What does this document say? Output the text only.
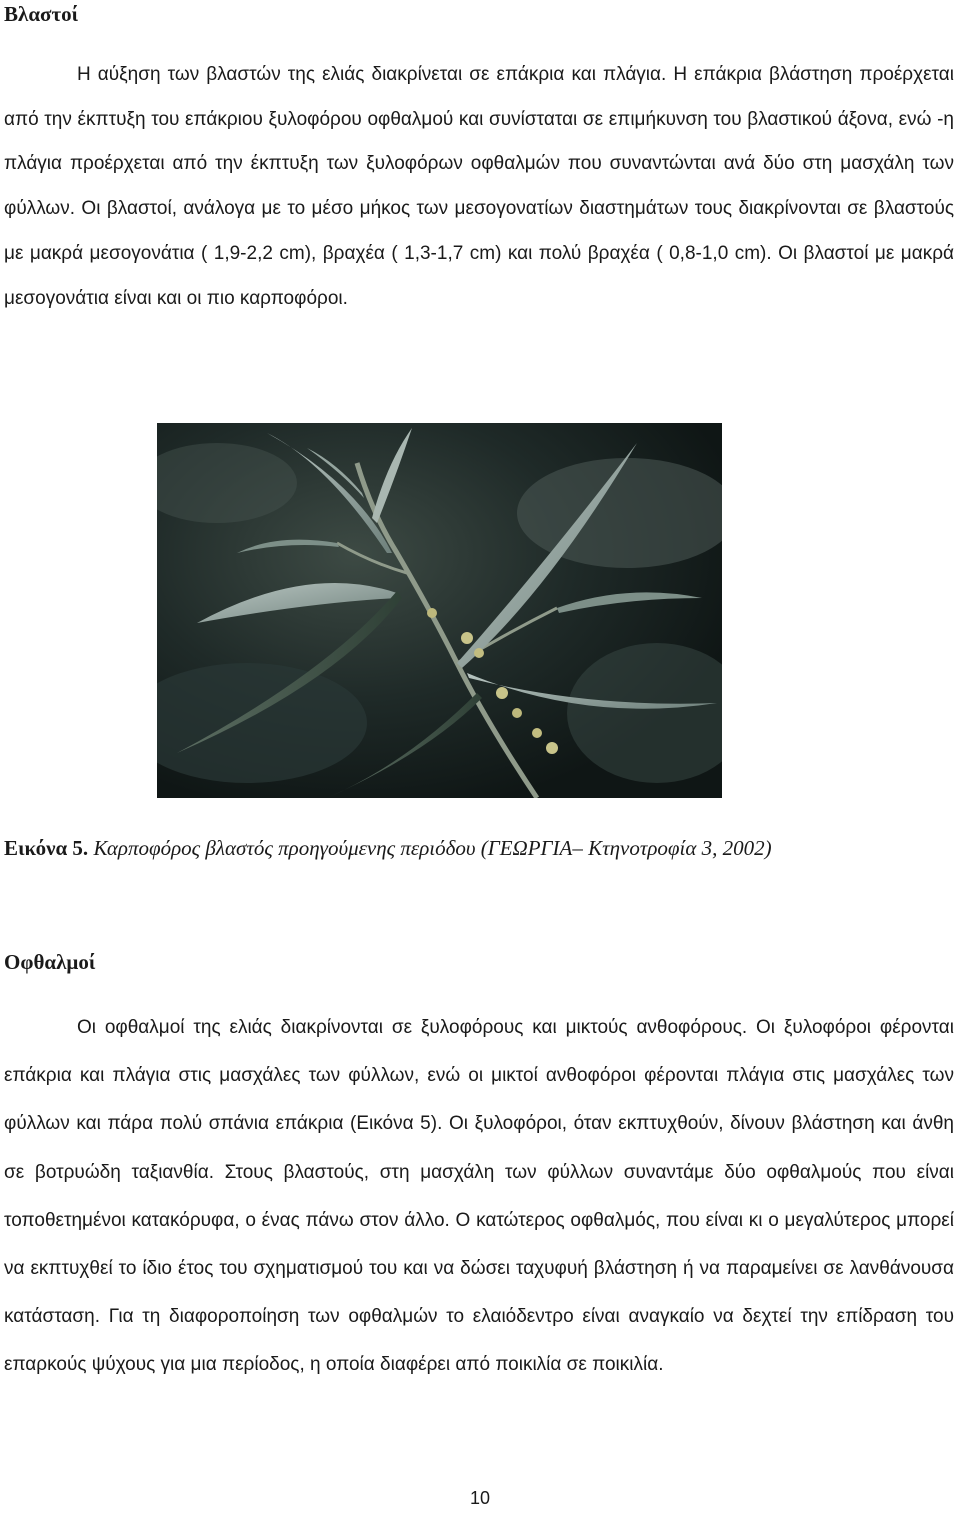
Βλαστοί

Η αύξηση των βλαστών της ελιάς διακρίνεται σε επάκρια και πλάγια. Η επάκρια βλάστηση προέρχεται από την έκπτυξη του επάκριου ξυλοφόρου οφθαλμού και συνίσταται σε επιμήκυνση του βλαστικού άξονα, ενώ -η πλάγια προέρχεται από την έκπτυξη των ξυλοφόρων οφθαλμών που συναντώνται ανά δύο στη μασχάλη των φύλλων. Οι βλαστοί, ανάλογα με το μέσο μήκος των μεσογονατίων διαστημάτων τους διακρίνονται σε βλαστούς με μακρά μεσογονάτια ( 1,9-2,2 cm), βραχέα ( 1,3-1,7 cm) και πολύ βραχέα ( 0,8-1,0 cm). Οι βλαστοί με μακρά μεσογονάτια είναι και οι πιο καρποφόροι.

Εικόνα 5. Καρποφόρος βλαστός προηγούμενης περιόδου (ΓΕΩΡΓΙΑ– Κτηνοτροφία 3, 2002)

Οφθαλμοί

Οι οφθαλμοί της ελιάς διακρίνονται σε ξυλοφόρους και μικτούς ανθοφόρους. Οι ξυλοφόροι φέρονται επάκρια και πλάγια στις μασχάλες των φύλλων, ενώ οι μικτοί ανθοφόροι φέρονται πλάγια στις μασχάλες των φύλλων και πάρα πολύ σπάνια επάκρια (Εικόνα 5). Οι ξυλοφόροι, όταν εκπτυχθούν, δίνουν βλάστηση και άνθη σε βοτρυώδη ταξιανθία. Στους βλαστούς, στη μασχάλη των φύλλων συναντάμε δύο οφθαλμούς που είναι τοποθετημένοι κατακόρυφα, ο ένας πάνω στον άλλο. Ο κατώτερος οφθαλμός, που είναι κι ο μεγαλύτερος μπορεί να εκπτυχθεί το ίδιο έτος του σχηματισμού του και να δώσει ταχυφυή βλάστηση ή να παραμείνει σε λανθάνουσα κατάσταση. Για τη διαφοροποίηση των οφθαλμών το ελαιόδεντρο είναι αναγκαίο να δεχτεί την επίδραση του επαρκούς ψύχους για μια περίοδος, η οποία διαφέρει από ποικιλία σε ποικιλία.

10
